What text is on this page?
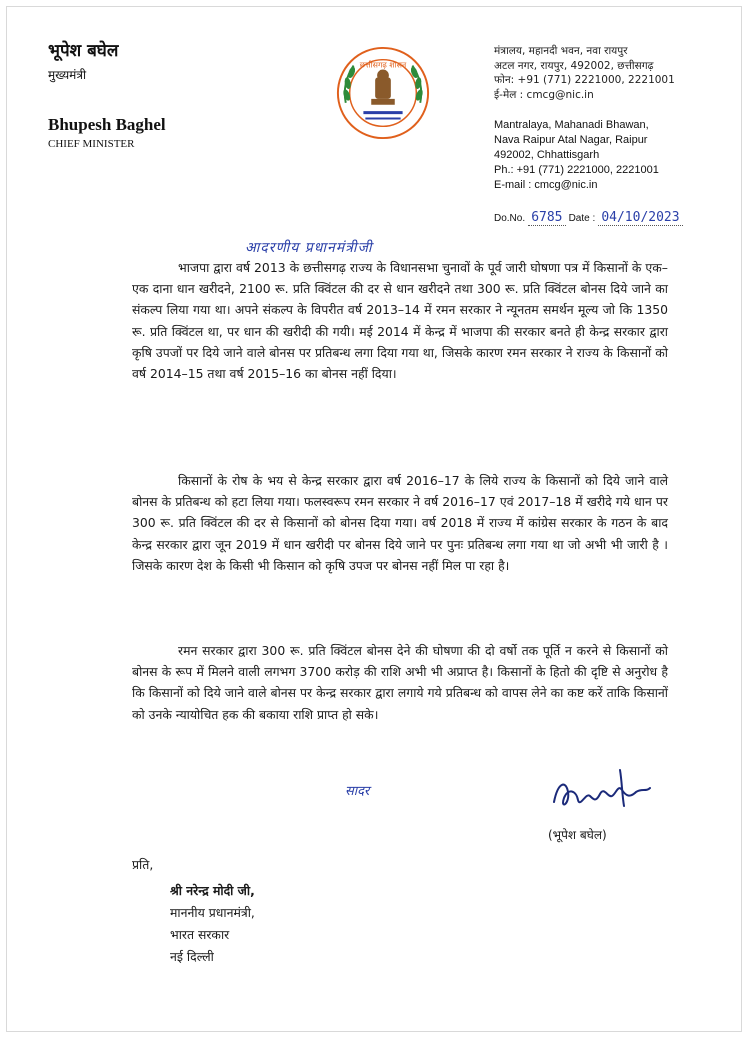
भूपेश बघेल
मुख्यमंत्री
Bhupesh Baghel
CHIEF MINISTER
छत्तीसगढ़ शासन
मंत्रालय, महानदी भवन, नवा रायपुर
अटल नगर, रायपुर, 492002, छत्तीसगढ़
फोन: +91 (771) 2221000, 2221001
ई-मेल : cmcg@nic.in
Mantralaya, Mahanadi Bhawan,
Nava Raipur Atal Nagar, Raipur
492002, Chhattisgarh
Ph.: +91 (771) 2221000, 2221001
E-mail : cmcg@nic.in
Do.No. 6785 Date : 04/10/2023
आदरणीय प्रधानमंत्रीजी

भाजपा द्वारा वर्ष 2013 के छत्तीसगढ़ राज्य के विधानसभा चुनावों के पूर्व जारी घोषणा पत्र में किसानों के एक–एक दाना धान खरीदने, 2100 रू. प्रति क्विंटल की दर से धान खरीदने तथा 300 रू. प्रति क्विंटल बोनस दिये जाने का संकल्प लिया गया था। अपने संकल्प के विपरीत वर्ष 2013–14 में रमन सरकार ने न्यूनतम समर्थन मूल्य जो कि 1350 रू. प्रति क्विंटल था, पर धान की खरीदी की गयी। मई 2014 में केन्द्र में भाजपा की सरकार बनते ही केन्द्र सरकार द्वारा कृषि उपजों पर दिये जाने वाले बोनस पर प्रतिबन्ध लगा दिया गया था, जिसके कारण रमन सरकार ने राज्य के किसानों को वर्ष 2014–15 तथा वर्ष 2015–16 का बोनस नहीं दिया।

किसानों के रोष के भय से केन्द्र सरकार द्वारा वर्ष 2016–17 के लिये राज्य के किसानों को दिये जाने वाले बोनस के प्रतिबन्ध को हटा लिया गया। फलस्वरूप रमन सरकार ने वर्ष 2016–17 एवं 2017–18 में खरीदे गये धान पर 300 रू. प्रति क्विंटल की दर से किसानों को बोनस दिया गया। वर्ष 2018 में राज्य में कांग्रेस सरकार के गठन के बाद केन्द्र सरकार द्वारा जून 2019 में धान खरीदी पर बोनस दिये जाने पर पुनः प्रतिबन्ध लगा गया था जो अभी भी जारी है । जिसके कारण देश के किसी भी किसान को कृषि उपज पर बोनस नहीं मिल पा रहा है।

रमन सरकार द्वारा 300 रू. प्रति क्विंटल बोनस देने की घोषणा की दो वर्षो तक पूर्ति न करने से किसानों को बोनस के रूप में मिलने वाली लगभग 3700 करोड़ की राशि अभी भी अप्राप्त है। किसानों के हितो की दृष्टि से अनुरोध है कि किसानों को दिये जाने वाले बोनस पर केन्द्र सरकार द्वारा लगाये गये प्रतिबन्ध को वापस लेने का कष्ट करें ताकि किसानों को उनके न्यायोचित हक की बकाया राशि प्राप्त हो सके।

सादर
(भूपेश बघेल)
प्रति,
श्री नरेन्द्र मोदी जी,
माननीय प्रधानमंत्री,
भारत सरकार
नई दिल्ली
